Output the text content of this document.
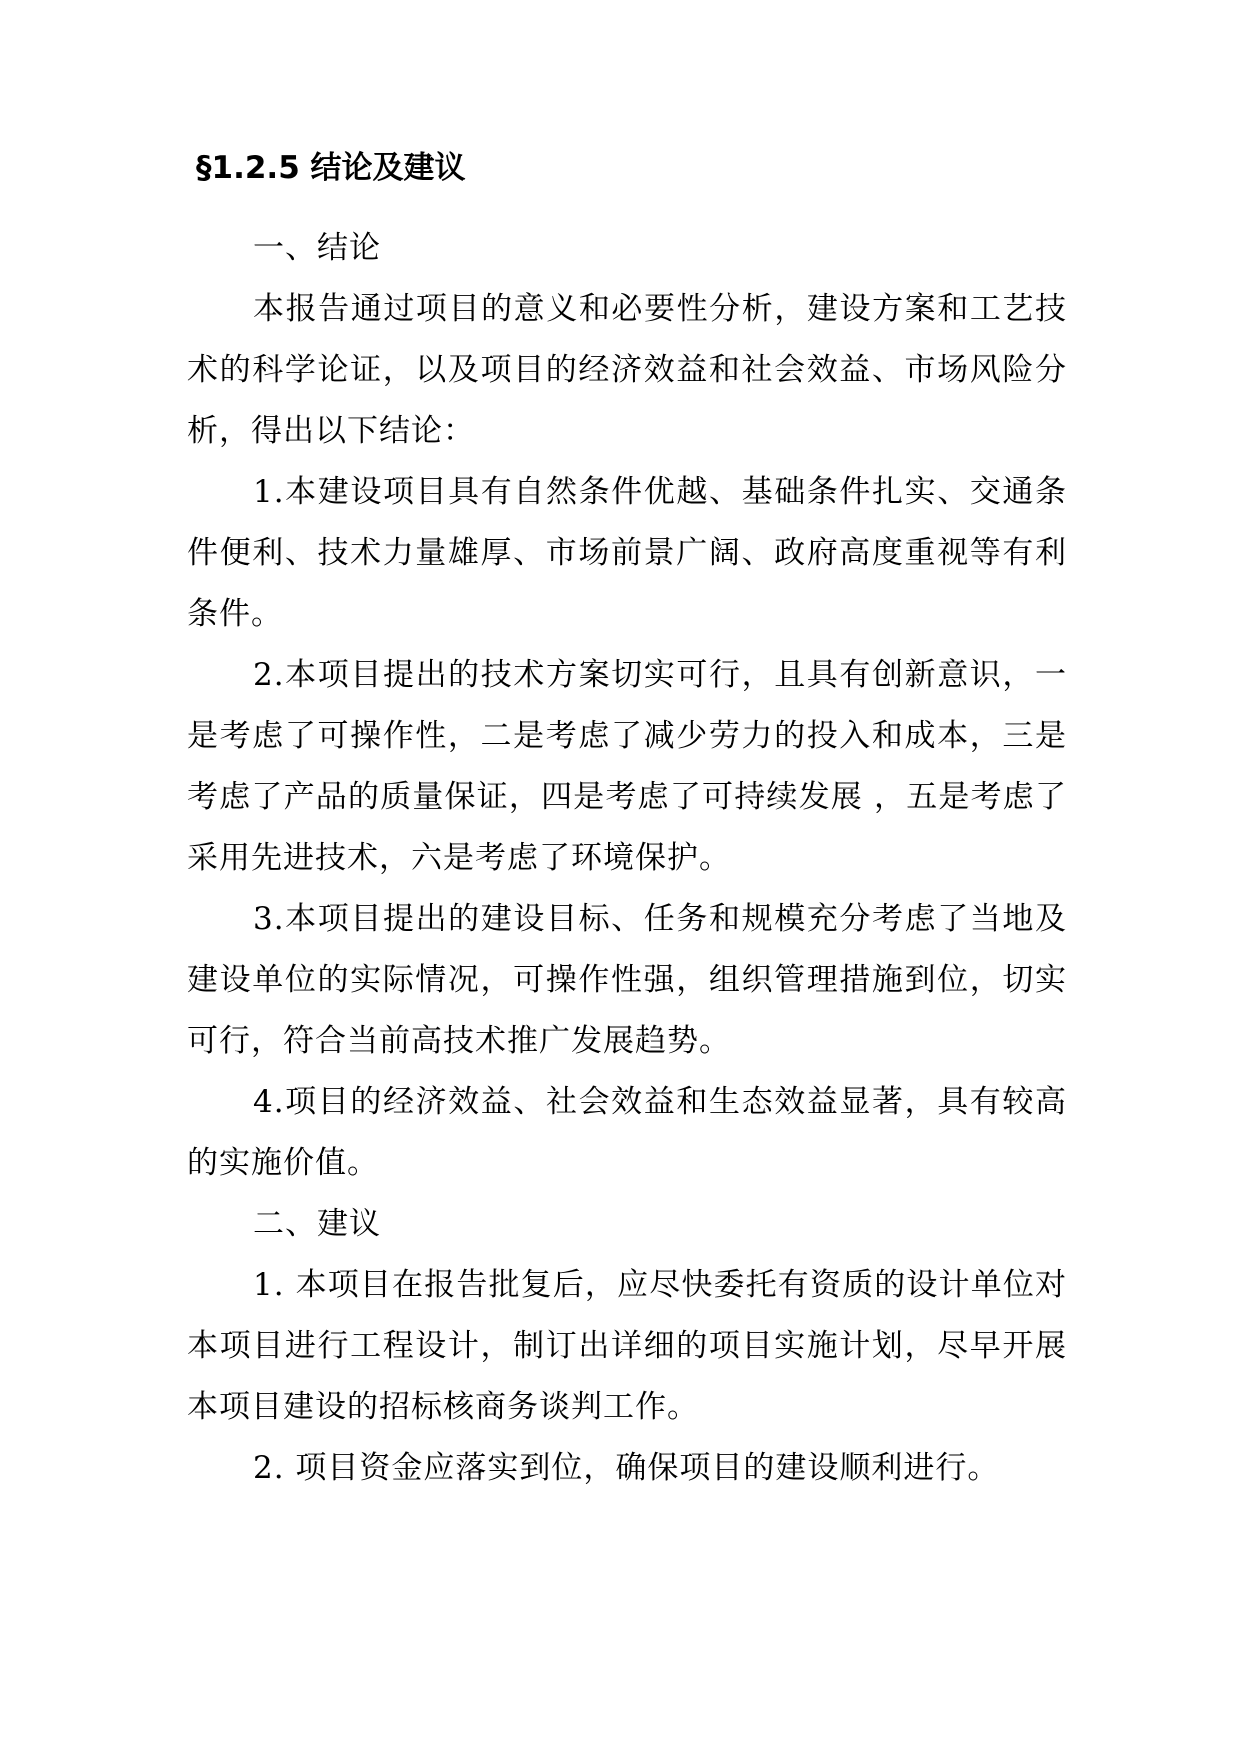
§1.2.5 结论及建议

一、结论

本报告通过项目的意义和必要性分析，建设方案和工艺技术的科学论证，以及项目的经济效益和社会效益、市场风险分析，得出以下结论：

1.本建设项目具有自然条件优越、基础条件扎实、交通条件便利、技术力量雄厚、市场前景广阔、政府高度重视等有利条件。

2.本项目提出的技术方案切实可行，且具有创新意识，一是考虑了可操作性，二是考虑了减少劳力的投入和成本，三是考虑了产品的质量保证，四是考虑了可持续发展 ，五是考虑了采用先进技术，六是考虑了环境保护。

3.本项目提出的建设目标、任务和规模充分考虑了当地及建设单位的实际情况，可操作性强，组织管理措施到位，切实可行，符合当前高技术推广发展趋势。

4.项目的经济效益、社会效益和生态效益显著，具有较高的实施价值。

二、建议

1. 本项目在报告批复后，应尽快委托有资质的设计单位对本项目进行工程设计，制订出详细的项目实施计划，尽早开展本项目建设的招标核商务谈判工作。

2. 项目资金应落实到位，确保项目的建设顺利进行。
